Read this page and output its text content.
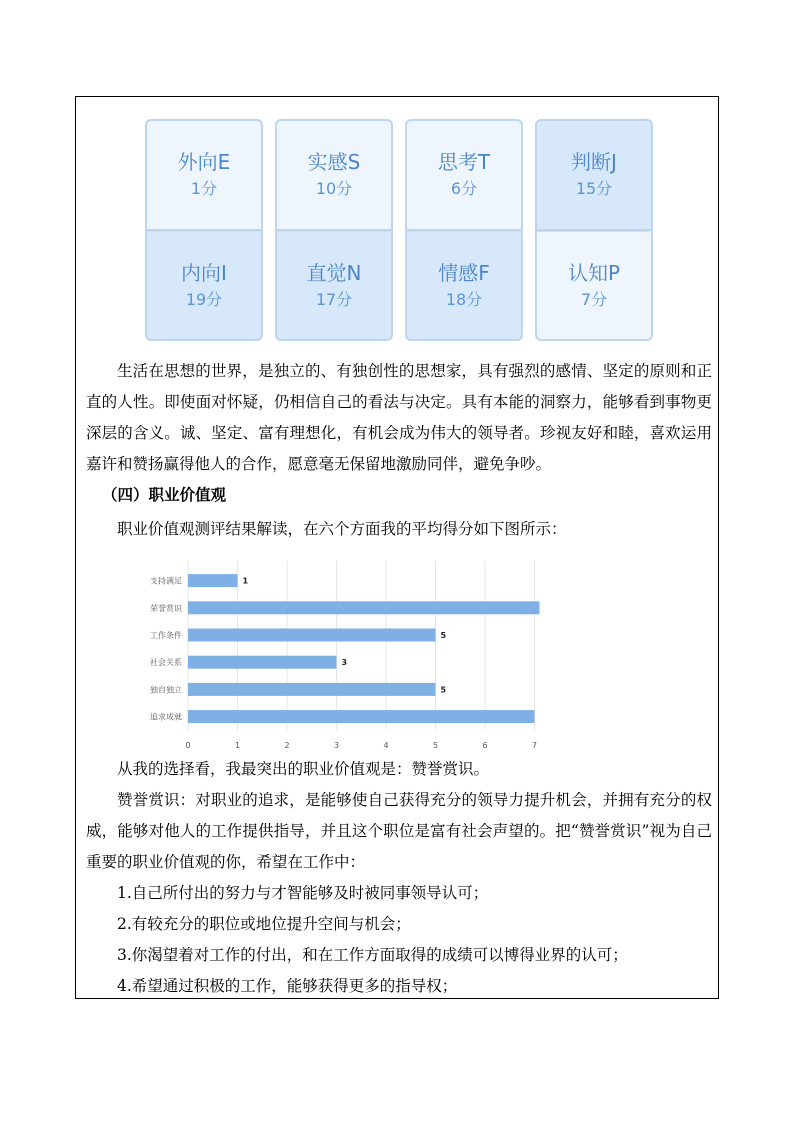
外向E
1分
内向I
19分
实感S
10分
直觉N
17分
思考T
6分
情感F
18分
判断J
15分
认知P
7分
生活在思想的世界，是独立的、有独创性的思想家，具有强烈的感情、坚定的原则和正直的人性。即使面对怀疑，仍相信自己的看法与决定。具有本能的洞察力，能够看到事物更深层的含义。诚、坚定、富有理想化，有机会成为伟大的领导者。珍视友好和睦，喜欢运用嘉许和赞扬赢得他人的合作，愿意毫无保留地激励同伴，避免争吵。
（四）职业价值观
职业价值观测评结果解读，在六个方面我的平均得分如下图所示：
0	1	2	3	4	5	6	7
支持满足	1
荣誉赏识
工作条件	5
社会关系	3
独自独立	5
追求成就
从我的选择看，我最突出的职业价值观是：赞誉赏识。
赞誉赏识：对职业的追求，是能够使自己获得充分的领导力提升机会，并拥有充分的权威，能够对他人的工作提供指导，并且这个职位是富有社会声望的。把“赞誉赏识”视为自己重要的职业价值观的你，希望在工作中：
1.自己所付出的努力与才智能够及时被同事领导认可；
2.有较充分的职位或地位提升空间与机会；
3.你渴望着对工作的付出，和在工作方面取得的成绩可以博得业界的认可；
4.希望通过积极的工作，能够获得更多的指导权；
